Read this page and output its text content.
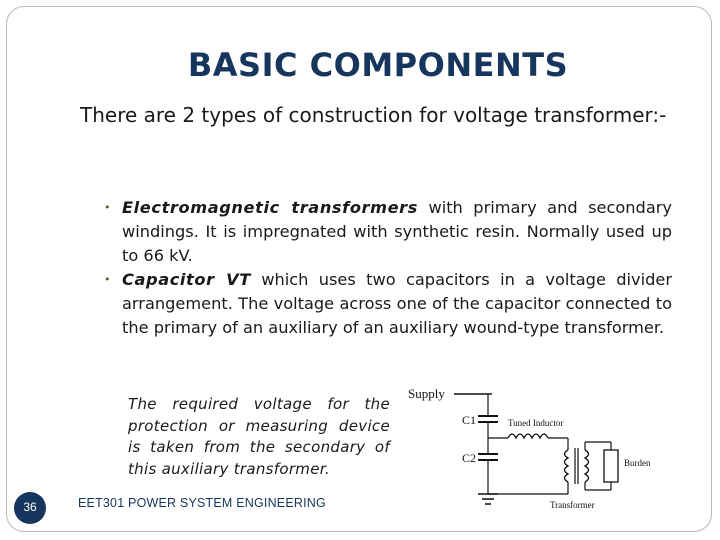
BASIC COMPONENTS
There are 2 types of construction for voltage transformer:-
• Electromagnetic transformers with primary and secondary windings. It is impregnated with synthetic resin. Normally used up to 66 kV.
• Capacitor VT which uses two capacitors in a voltage divider arrangement. The voltage across one of the capacitor connected to the primary of an auxiliary of an auxiliary wound-type transformer.
The required voltage for the protection or measuring device is taken from the secondary of this auxiliary transformer.
Supply
C1
C2
Tuned Inductor
Burden
Transformer
36	EET301 POWER SYSTEM ENGINEERING
